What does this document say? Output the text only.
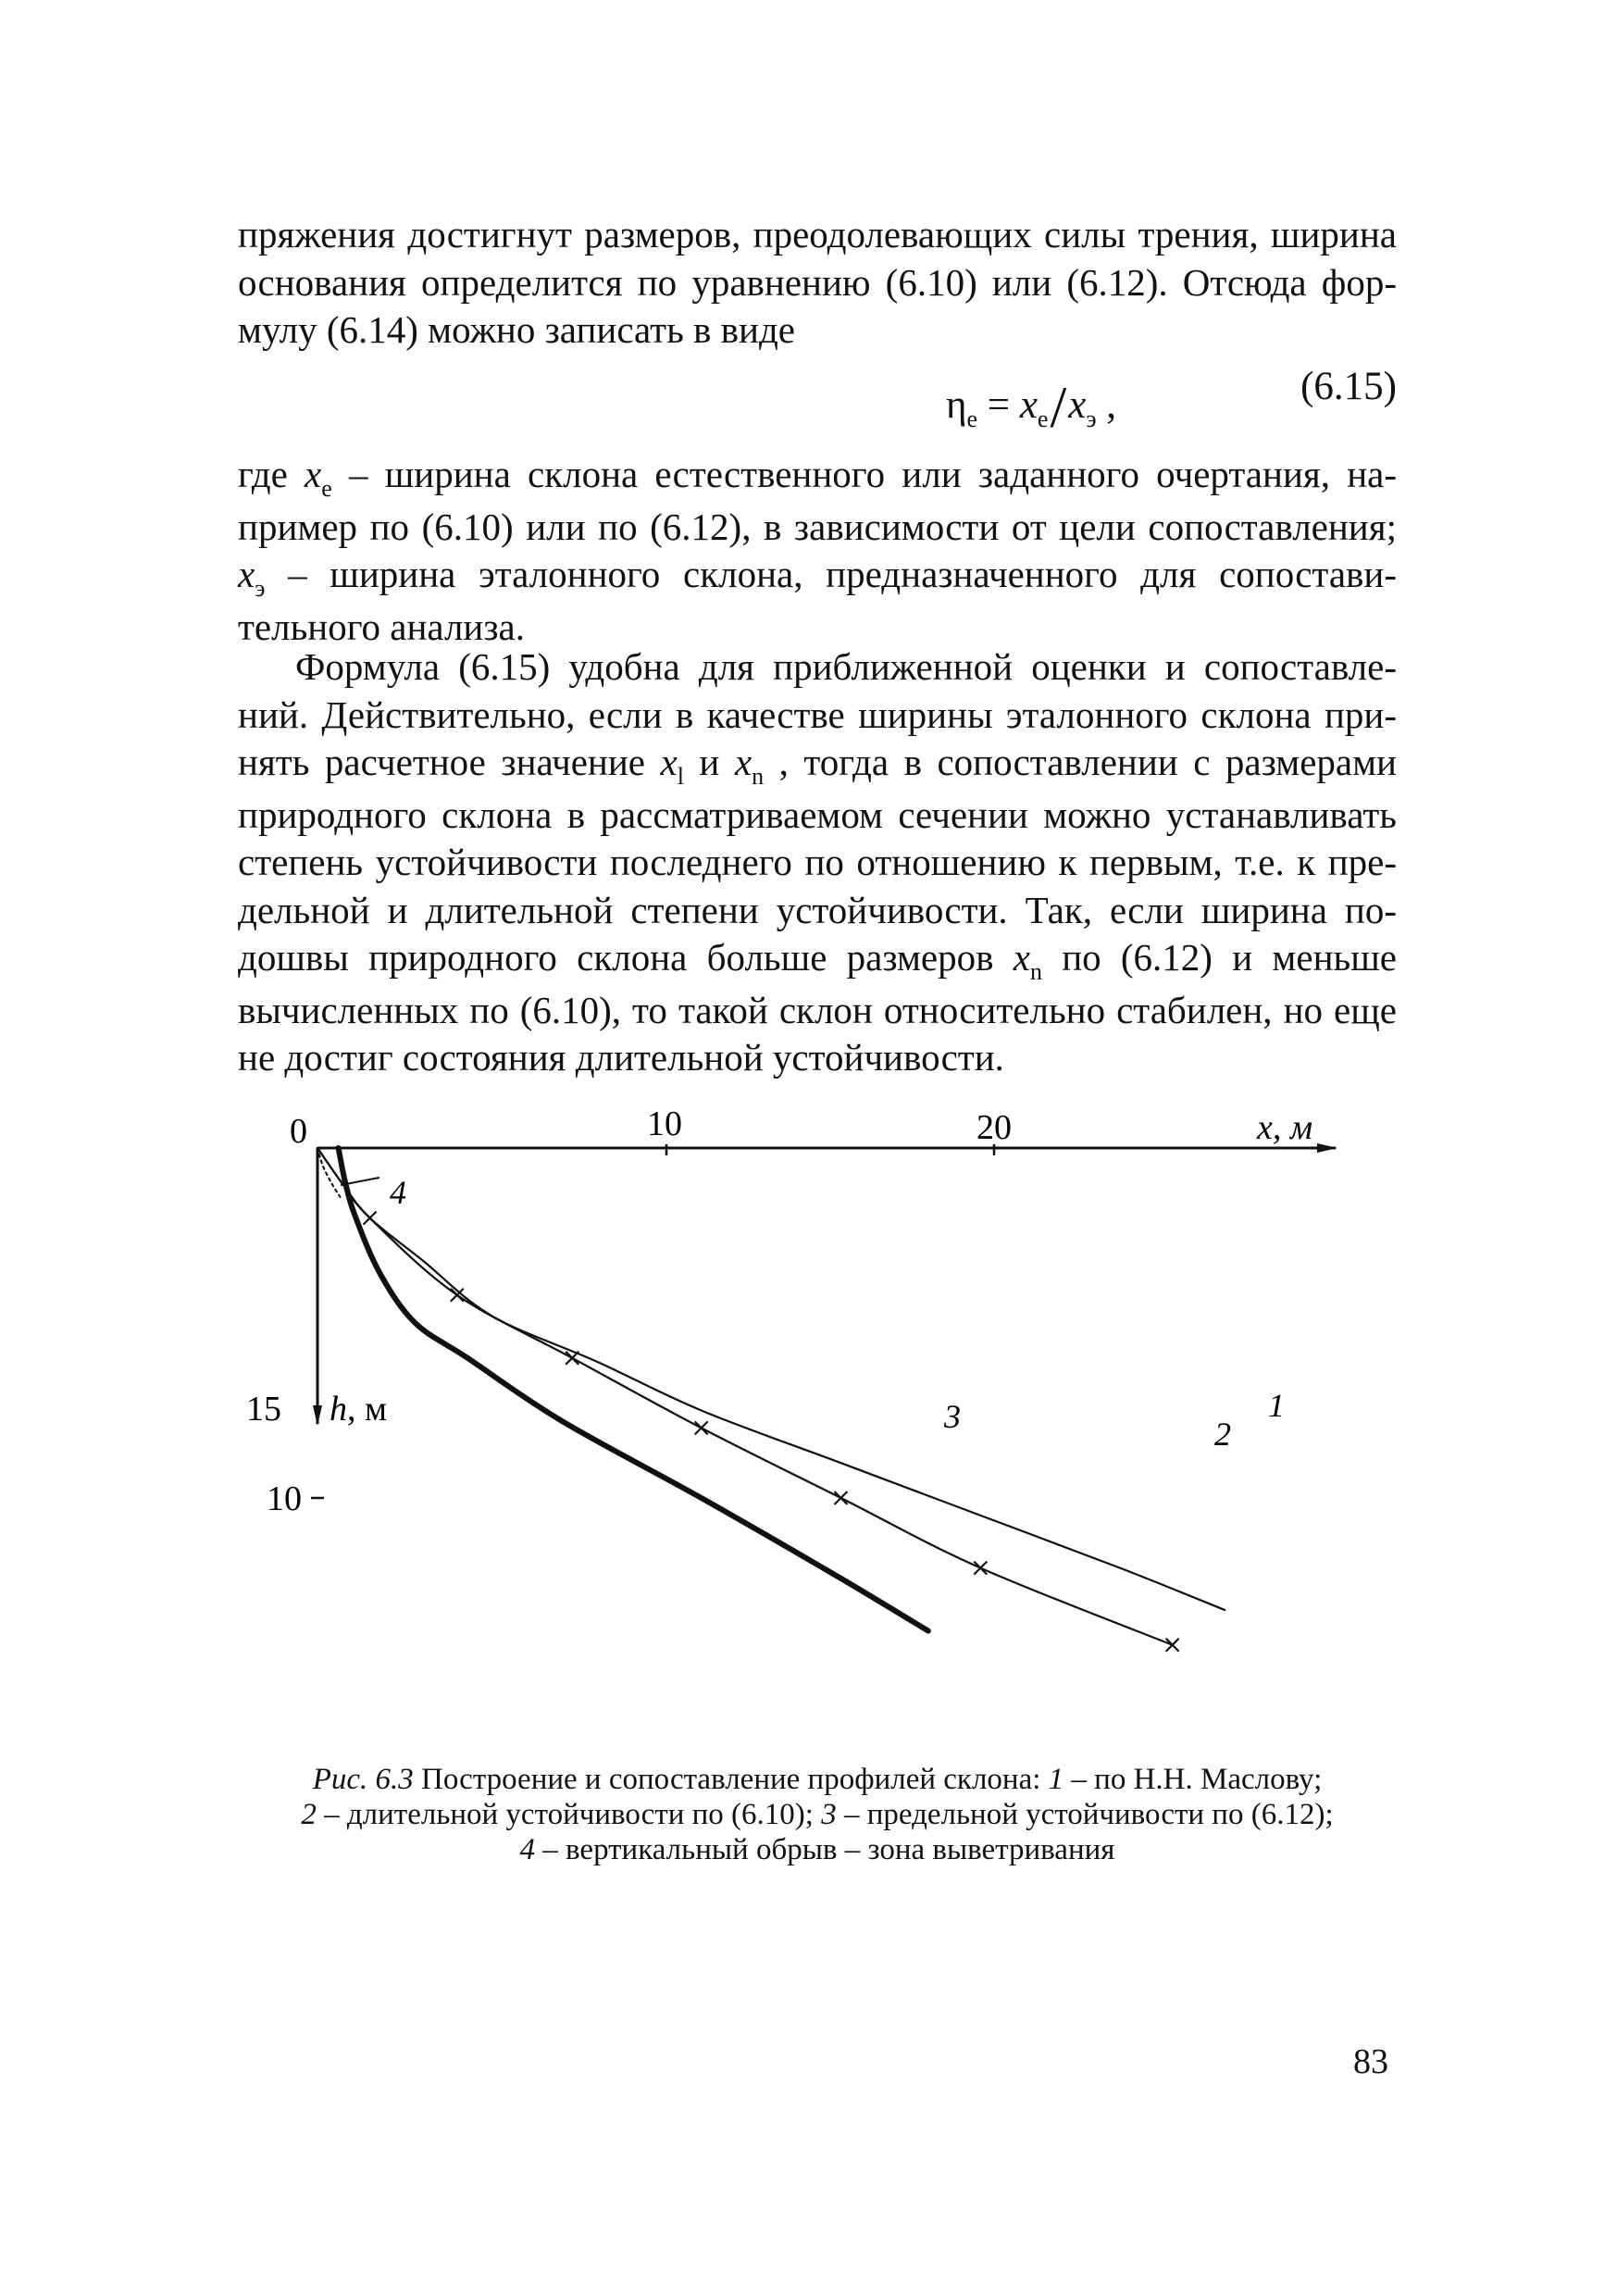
пряжения достигнут размеров, преодолевающих силы трения, ширина
основания определится по уравнению (6.10) или (6.12). Отсюда фор-
мулу (6.14) можно записать в виде
$\eta_e = x_e/x_э$ ,	(6.15)
где $x_e$ – ширина склона естественного или заданного очертания, на-
пример по (6.10) или по (6.12), в зависимости от цели сопоставления;
$x_э$ – ширина эталонного склона, предназначенного для сопостави-
тельного анализа.
Формула (6.15) удобна для приближенной оценки и сопоставле-
ний. Действительно, если в качестве ширины эталонного склона при-
нять расчетное значение $x_l$ и $x_n$ , тогда в сопоставлении с размерами
природного склона в рассматриваемом сечении можно устанавливать
степень устойчивости последнего по отношению к первым, т.е. к пре-
дельной и длительной степени устойчивости. Так, если ширина по-
дошвы природного склона больше размеров $x_n$ по (6.12) и меньше
вычисленных по (6.10), то такой склон относительно стабилен, но еще
не достиг состояния длительной устойчивости.
0	10	20	x, м
10
15 h, м
4
1
2
3
Рис. 6.3 Построение и сопоставление профилей склона: 1 – по Н.Н. Маслову;
2 – длительной устойчивости по (6.10); 3 – предельной устойчивости по (6.12);
4 – вертикальный обрыв – зона выветривания
83
